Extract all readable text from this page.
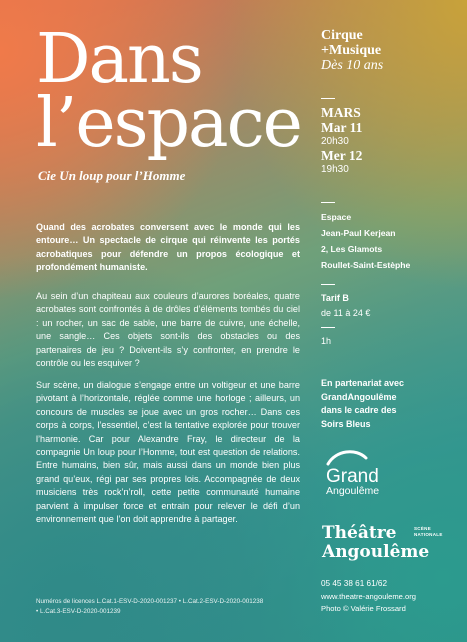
Dans
l’espace
Cie Un loup pour l’Homme

Quand des acrobates conversent avec le monde qui les entoure… Un spectacle de cirque qui réinvente les portés acrobatiques pour défendre un propos écologique et profondément humaniste.

Au sein d’un chapiteau aux couleurs d’aurores boréales, quatre acrobates sont confrontés à de drôles d’éléments tombés du ciel : un rocher, un sac de sable, une barre de cuivre, une échelle, une sangle… Ces objets sont-ils des obstacles ou des partenaires de jeu ? Doivent-ils s’y confronter, en prendre le contrôle ou les esquiver ?

Sur scène, un dialogue s’engage entre un voltigeur et une barre pivotant à l’horizontale, réglée comme une horloge ; ailleurs, un concours de muscles se joue avec un gros rocher… Dans ces corps à corps, l’essentiel, c’est la tentative explorée pour trouver l’harmonie. Car pour Alexandre Fray, le directeur de la compagnie Un loup pour l’Homme, tout est question de relations. Entre humains, bien sûr, mais aussi dans un monde bien plus grand qu’eux, régi par ses propres lois. Accompagnée de deux musiciens très rock’n’roll, cette petite communauté humaine parvient à impulser force et entrain pour relever le défi d’un environnement que l’on doit apprendre à partager.

Numéros de licences L.Cat.1-ESV-D-2020-001237 • L.Cat.2-ESV-D-2020-001238
• L.Cat.3-ESV-D-2020-001239
Cirque
+Musique
Dès 10 ans
MARS
Mar 11
20h30
Mer 12
19h30
Espace
Jean-Paul Kerjean
2, Les Glamots
Roullet-Saint-Estèphe
Tarif B
de 11 à 24 €
1h
En partenariat avec
GrandAngoulême
dans le cadre des
Soirs Bleus
Grand
Angoulême
Théâtre
Angoulême
SCÈNE
NATIONALE
05 45 38 61 61/62
www.theatre-angouleme.org
Photo © Valérie Frossard
